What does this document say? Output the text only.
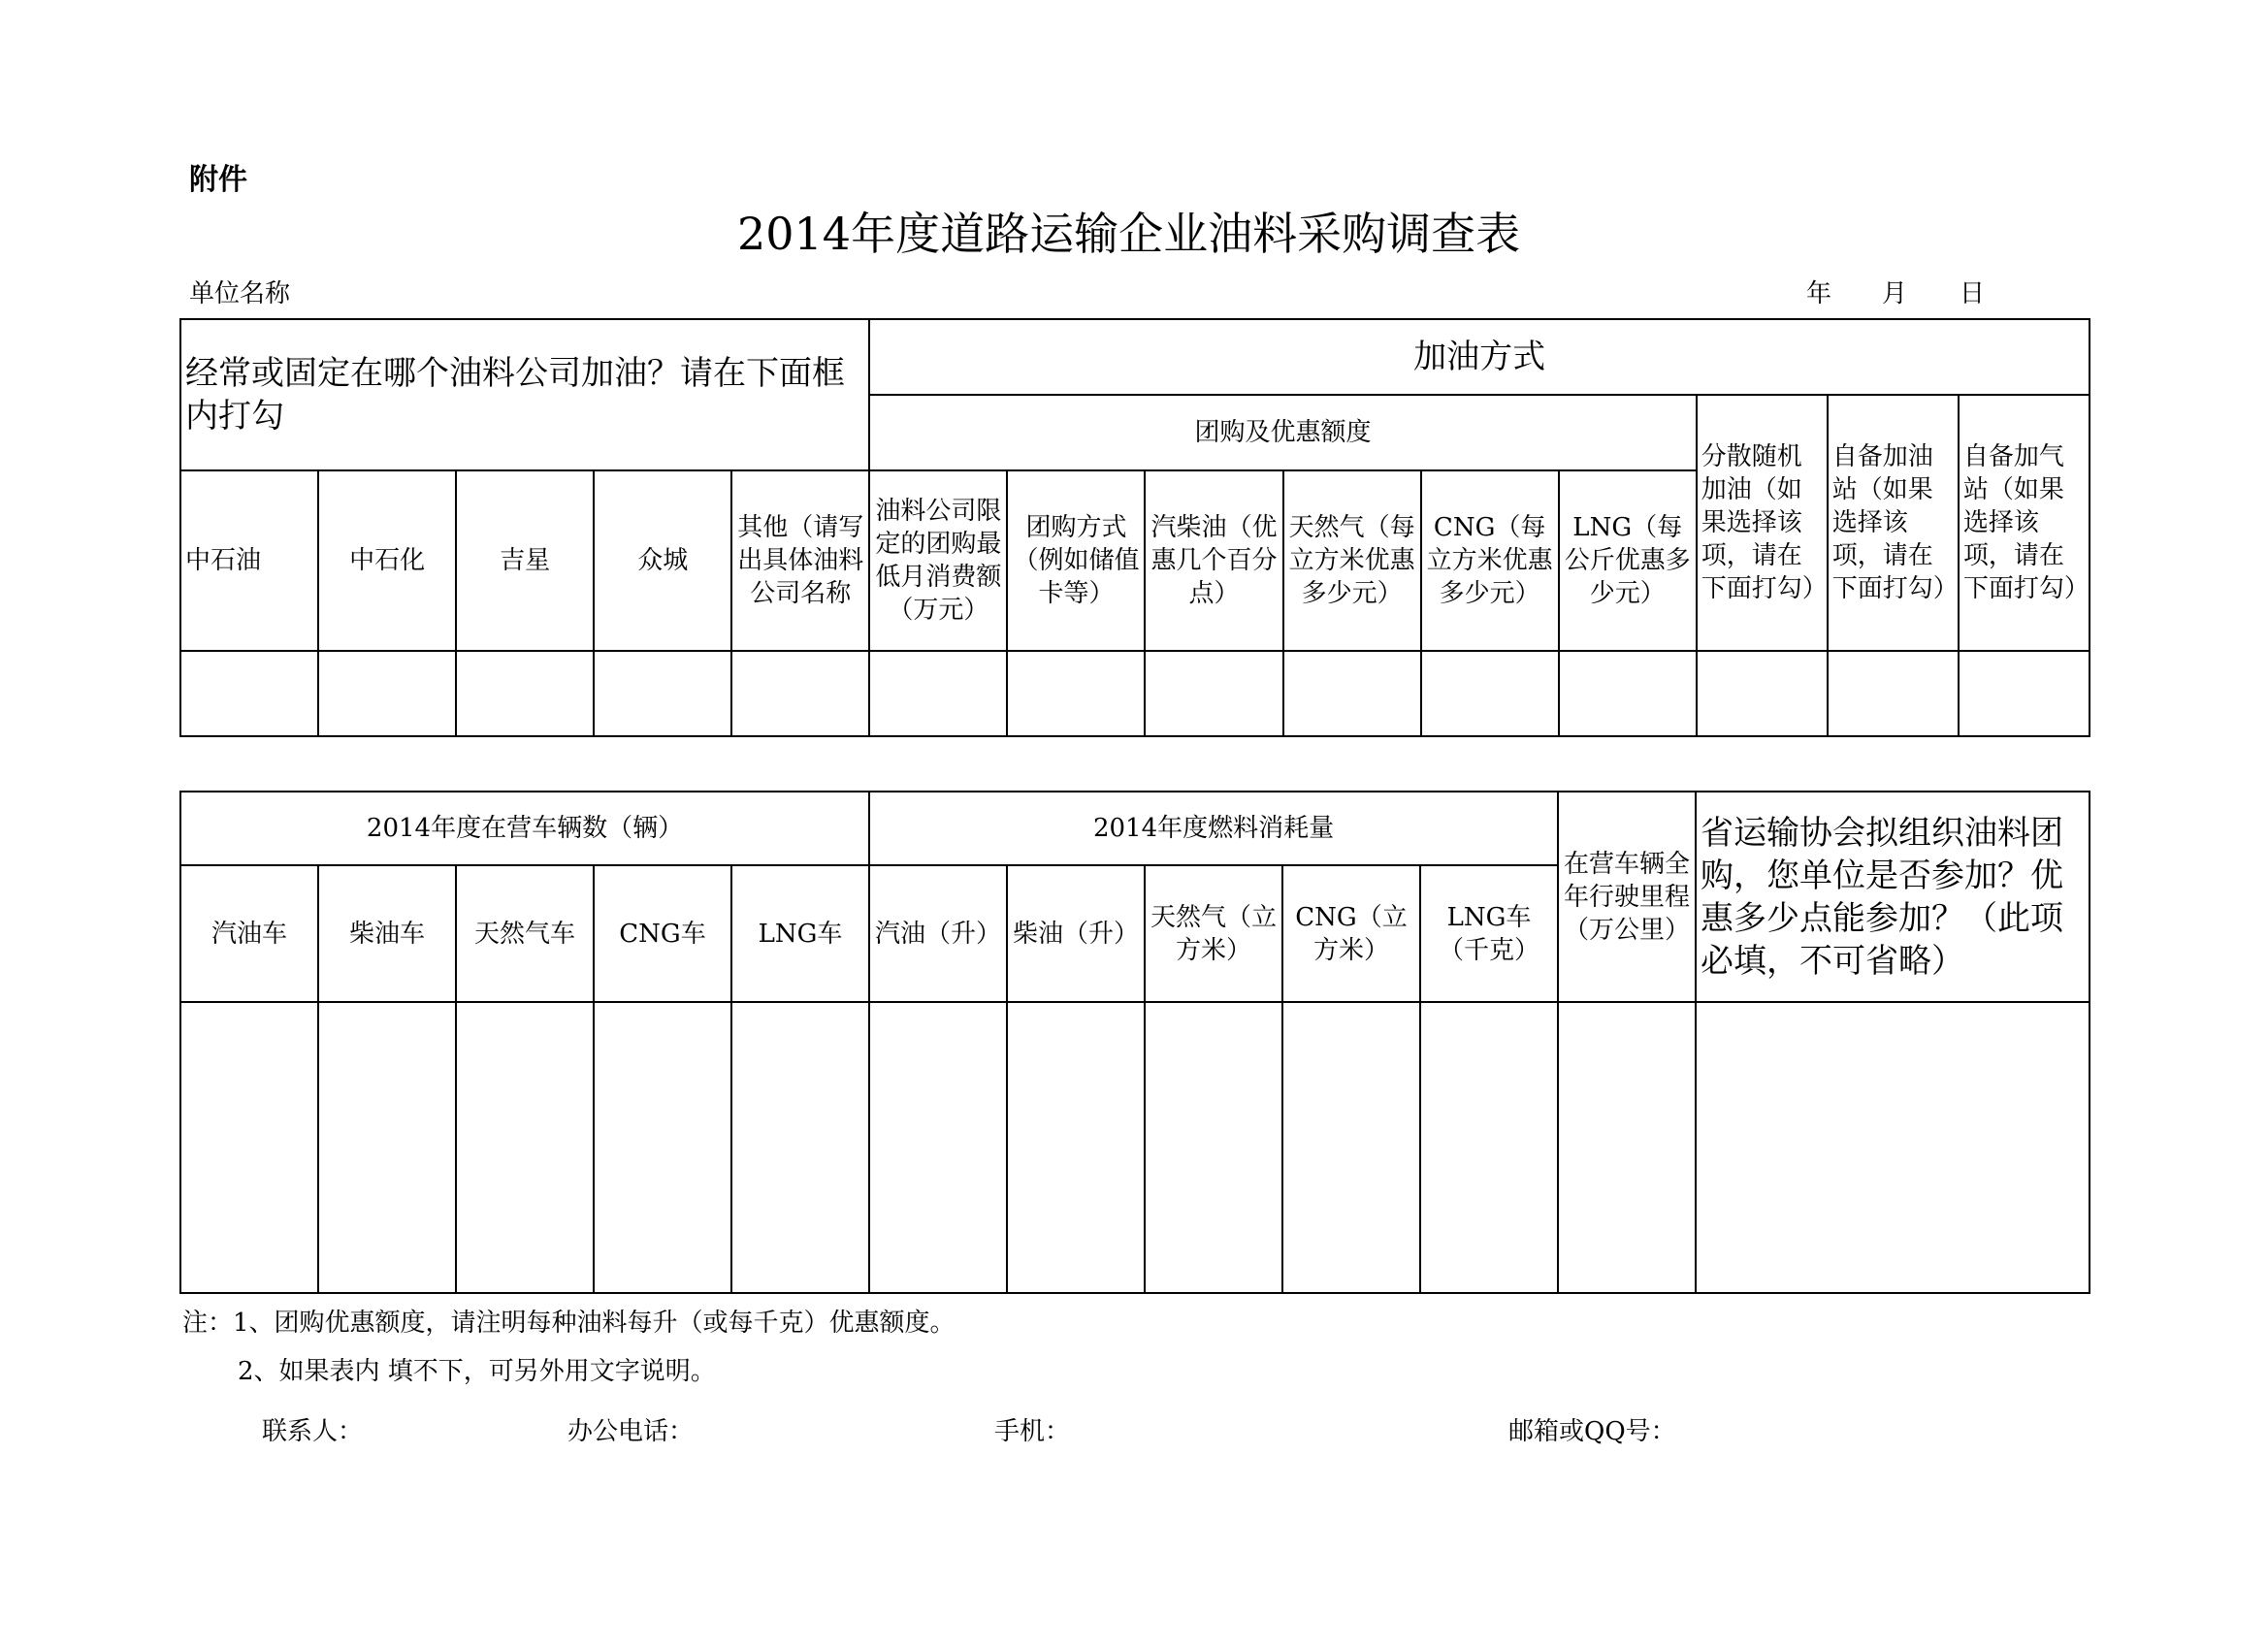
附件
2014年度道路运输企业油料采购调查表
单位名称	年 月 日
经常或固定在哪个油料公司加油？请在下面框内打勾					加油方式								
					团购及优惠额度						分散随机加油（如果选择该项，请在下面打勾）	自备加油站（如果选择该项，请在下面打勾）	自备加气站（如果选择该项，请在下面打勾）
中石油	中石化	吉星	众城	其他（请写出具体油料公司名称	油料公司限定的团购最低月消费额（万元）	团购方式（例如储值卡等）	汽柴油（优惠几个百分点）	天然气（每立方米优惠多少元）	CNG（每立方米优惠多少元）	LNG（每公斤优惠多少元）			

2014年度在营车辆数（辆）					2014年度燃料消耗量					在营车辆全年行驶里程（万公里）	省运输协会拟组织油料团购，您单位是否参加？优惠多少点能参加？（此项必填，不可省略）
汽油车	柴油车	天然气车	CNG车	LNG车	汽油（升）	柴油（升）	天然气（立方米）	CNG（立方米）	LNG车（千克）		

注：1、团购优惠额度，请注明每种油料每升（或每千克）优惠额度。
2、如果表内 填不下，可另外用文字说明。
联系人：	办公电话：	手机：	邮箱或QQ号：
